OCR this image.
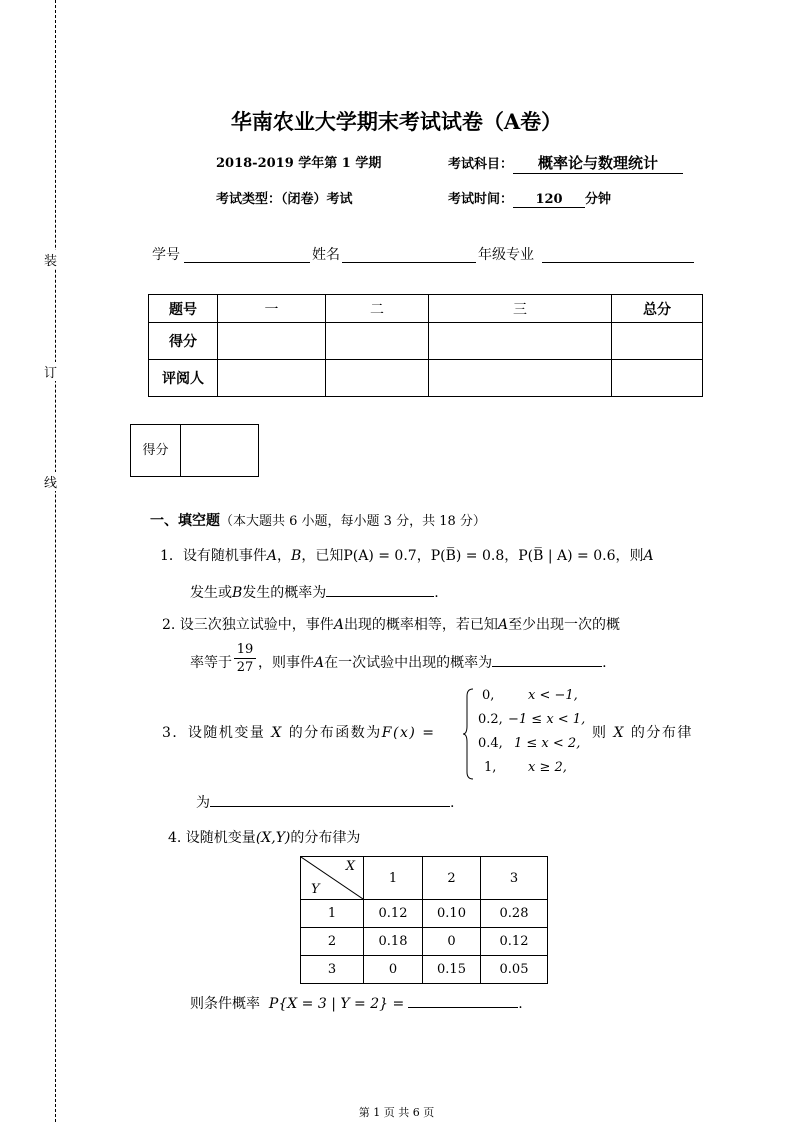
装
订
线
华南农业大学期末考试试卷（A卷）
2018-2019 学年第 1 学期	考试科目： 概率论与数理统计
考试类型：（闭卷）考试	考试时间： 120 分钟
学号	姓名	年级专业
题号	一	二	三	总分
得分				
评阅人				
得分
一、填空题（本大题共 6 小题，每小题 3 分，共 18 分）
1．设有随机事件A，B，已知P(A) = 0.7，P(B̅) = 0.8，P(B̅ | A) = 0.6，则A
发生或B发生的概率为	.
2. 设三次独立试验中，事件A出现的概率相等，若已知A至少出现一次的概
率等于
19
27 ，则事件A在一次试验中出现的概率为	.
3．设随机变量 X 的分布函数为F(x) =
0,	x < −1,
0.2, −1 ≤ x < 1,
0.4, 1 ≤ x < 2,
1, x ≥ 2,
则 X 的分布律
为	.
4. 设随机变量(X,Y)的分布律为
X
Y	1	2	3
1	0.12	0.10	0.28
2	0.18	0	0.12
3	0	0.15	0.05
则条件概率 P{X = 3 | Y = 2} =	.
第 1 页 共 6 页
